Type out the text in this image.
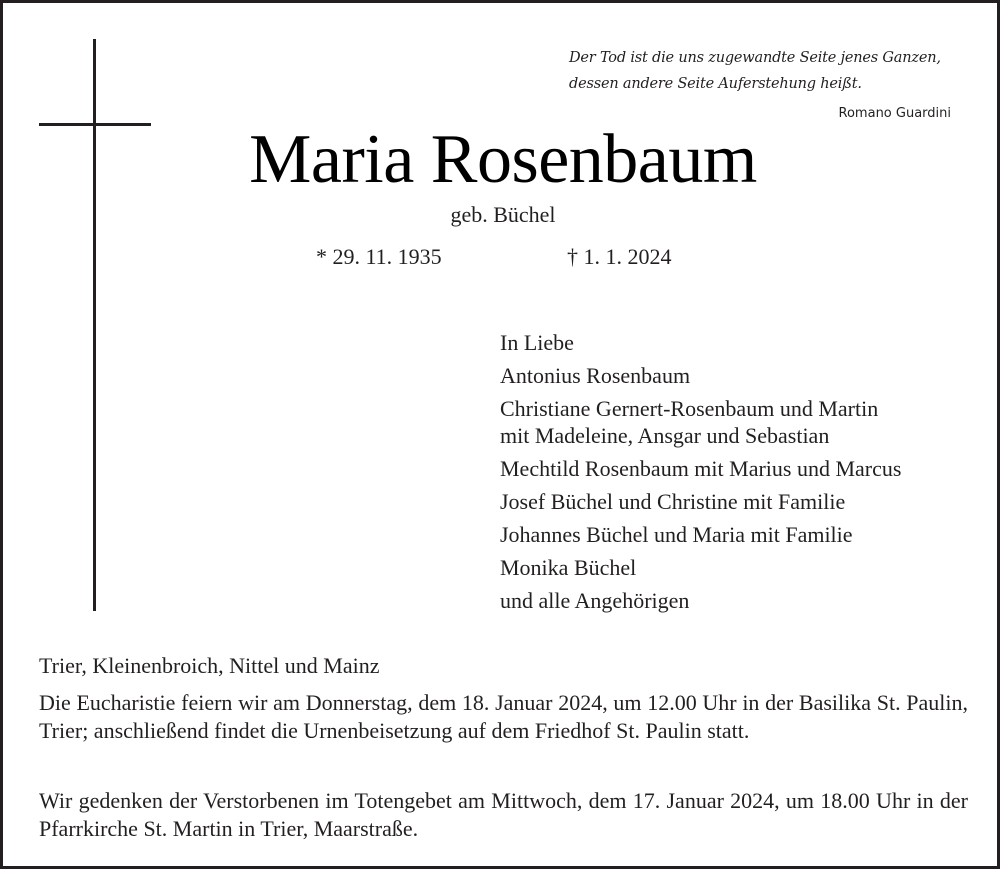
Der Tod ist die uns zugewandte Seite jenes Ganzen,
dessen andere Seite Auferstehung heißt.
Romano Guardini
Maria Rosenbaum
geb. Büchel
* 29. 11. 1935	† 1. 1. 2024
In Liebe
Antonius Rosenbaum
Christiane Gernert-Rosenbaum und Martin
mit Madeleine, Ansgar und Sebastian
Mechtild Rosenbaum mit Marius und Marcus
Josef Büchel und Christine mit Familie
Johannes Büchel und Maria mit Familie
Monika Büchel
und alle Angehörigen
Trier, Kleinenbroich, Nittel und Mainz

Die Eucharistie feiern wir am Donnerstag, dem 18. Januar 2024, um 12.00 Uhr in der Basilika St. Paulin, Trier; anschließend findet die Urnenbeisetzung auf dem Friedhof St. Paulin statt.

Wir gedenken der Verstorbenen im Totengebet am Mittwoch, dem 17. Januar 2024, um 18.00 Uhr in der Pfarrkirche St. Martin in Trier, Maarstraße.
